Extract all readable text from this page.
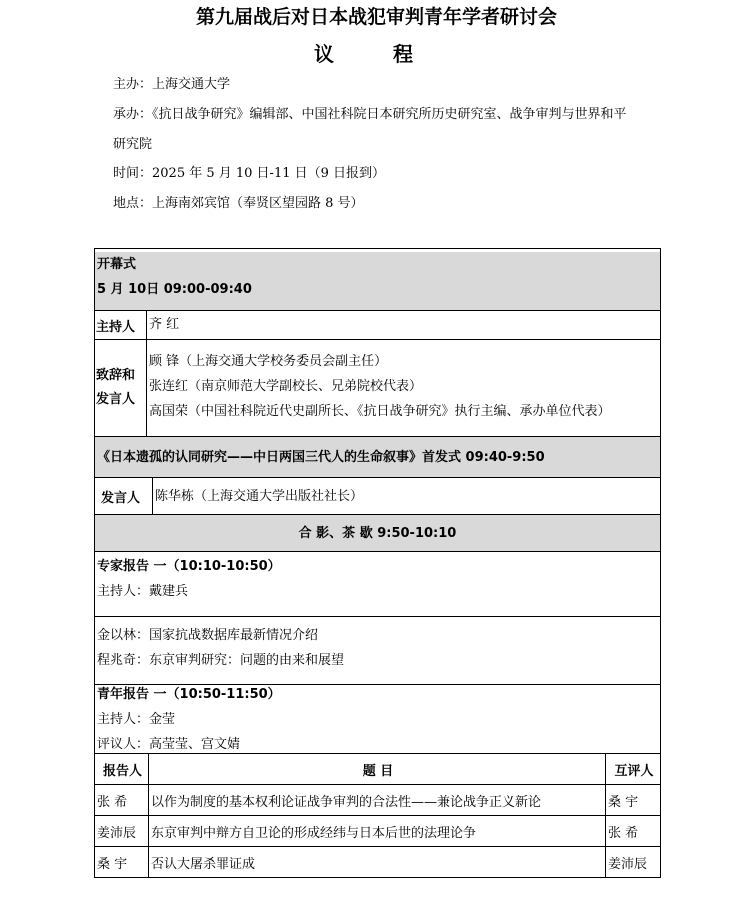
第九届战后对日本战犯审判青年学者研讨会
议 程
主办：上海交通大学
承办：《抗日战争研究》编辑部、中国社科院日本研究所历史研究室、战争审判与世界和平
研究院
时间：2025 年 5 月 10 日-11 日（9 日报到）
地点：上海南郊宾馆（奉贤区望园路 8 号）
开幕式
5 月 10日 09:00-09:40
主持人	齐 红
致辞和
发言人
顾 锋（上海交通大学校务委员会副主任）
张连红（南京师范大学副校长、兄弟院校代表）
高国荣（中国社科院近代史副所长、《抗日战争研究》执行主编、承办单位代表）
《日本遗孤的认同研究——中日两国三代人的生命叙事》首发式 09:40-9:50
发言人	陈华栋（上海交通大学出版社社长）
合 影、茶 歇 9:50-10:10
专家报告 一（10:10-10:50）
主持人：戴建兵
金以林：国家抗战数据库最新情况介绍
程兆奇：东京审判研究：问题的由来和展望
青年报告 一（10:50-11:50）
主持人：金莹
评议人：高莹莹、宫文婧
报告人	题 目	互评人
张 希	以作为制度的基本权利论证战争审判的合法性——兼论战争正义新论	桑 宇
姜沛辰	东京审判中辩方自卫论的形成经纬与日本后世的法理论争	张 希
桑 宇	否认大屠杀罪证成	姜沛辰
